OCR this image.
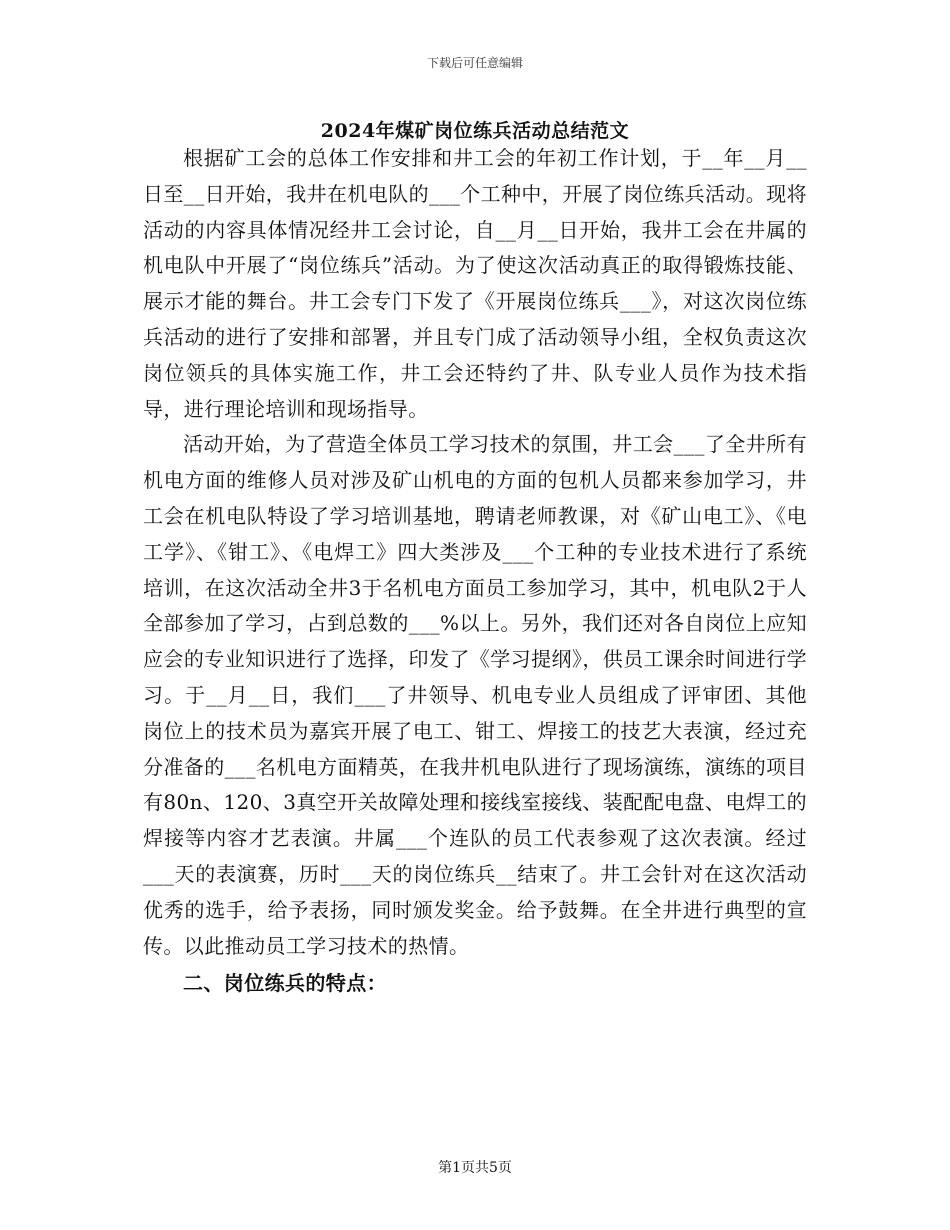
下载后可任意编辑
2024年煤矿岗位练兵活动总结范文

根据矿工会的总体工作安排和井工会的年初工作计划，于__年__月__日至__日开始，我井在机电队的___个工种中，开展了岗位练兵活动。现将活动的内容具体情况经井工会讨论，自__月__日开始，我井工会在井属的机电队中开展了“岗位练兵”活动。为了使这次活动真正的取得锻炼技能、展示才能的舞台。井工会专门下发了《开展岗位练兵___》，对这次岗位练兵活动的进行了安排和部署，并且专门成了活动领导小组，全权负责这次岗位领兵的具体实施工作，井工会还特约了井、队专业人员作为技术指导，进行理论培训和现场指导。

活动开始，为了营造全体员工学习技术的氛围，井工会___了全井所有机电方面的维修人员对涉及矿山机电的方面的包机人员都来参加学习，井工会在机电队特设了学习培训基地，聘请老师教课，对《矿山电工》、《电工学》、《钳工》、《电焊工》四大类涉及___个工种的专业技术进行了系统培训，在这次活动全井3于名机电方面员工参加学习，其中，机电队2于人全部参加了学习，占到总数的___%以上。另外，我们还对各自岗位上应知应会的专业知识进行了选择，印发了《学习提纲》，供员工课余时间进行学习。于__月__日，我们___了井领导、机电专业人员组成了评审团、其他岗位上的技术员为嘉宾开展了电工、钳工、焊接工的技艺大表演，经过充分准备的___名机电方面精英，在我井机电队进行了现场演练，演练的项目有80n、120、3真空开关故障处理和接线室接线、装配配电盘、电焊工的焊接等内容才艺表演。井属___个连队的员工代表参观了这次表演。经过___天的表演赛，历时___天的岗位练兵__结束了。井工会针对在这次活动优秀的选手，给予表扬，同时颁发奖金。给予鼓舞。在全井进行典型的宣传。以此推动员工学习技术的热情。

二、岗位练兵的特点：
第1页共5页
